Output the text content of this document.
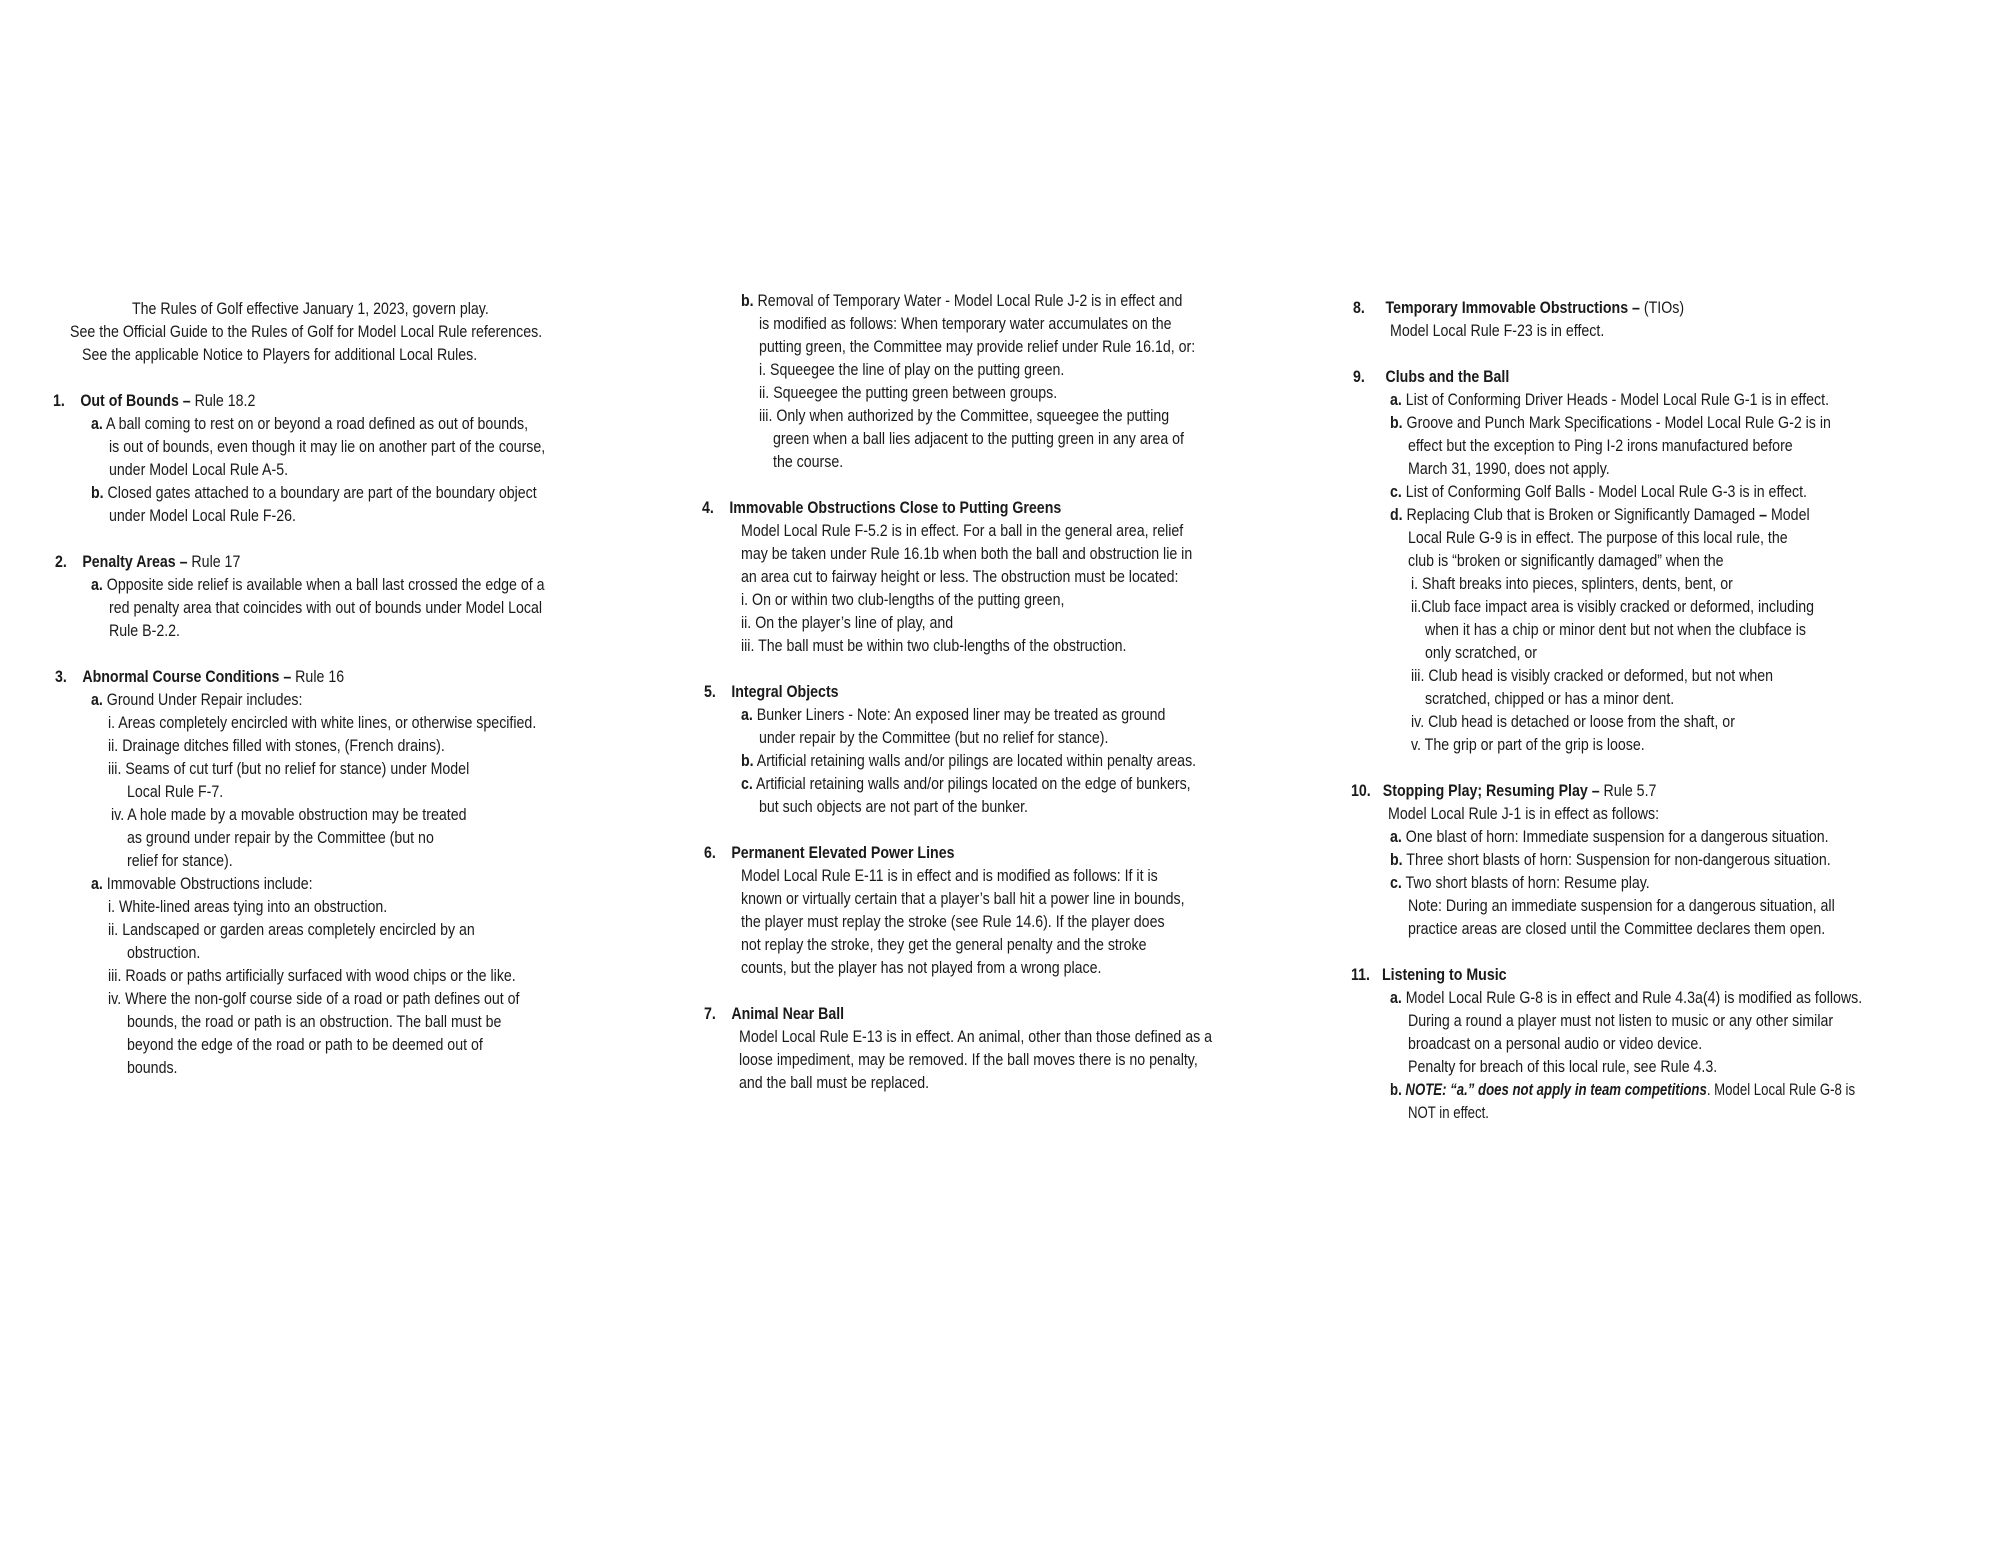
The Rules of Golf effective January 1, 2023, govern play.
See the Official Guide to the Rules of Golf for Model Local Rule references.
See the applicable Notice to Players for additional Local Rules.
1. Out of Bounds – Rule 18.2
a. A ball coming to rest on or beyond a road defined as out of bounds,
is out of bounds, even though it may lie on another part of the course,
under Model Local Rule A-5.
b. Closed gates attached to a boundary are part of the boundary object
under Model Local Rule F-26.
2. Penalty Areas – Rule 17
a. Opposite side relief is available when a ball last crossed the edge of a
red penalty area that coincides with out of bounds under Model Local
Rule B-2.2.
3. Abnormal Course Conditions – Rule 16
a. Ground Under Repair includes:
i. Areas completely encircled with white lines, or otherwise specified.
ii. Drainage ditches filled with stones, (French drains).
iii. Seams of cut turf (but no relief for stance) under Model
Local Rule F-7.
iv. A hole made by a movable obstruction may be treated
as ground under repair by the Committee (but no
relief for stance).
a. Immovable Obstructions include:
i. White-lined areas tying into an obstruction.
ii. Landscaped or garden areas completely encircled by an
obstruction.
iii. Roads or paths artificially surfaced with wood chips or the like.
iv. Where the non-golf course side of a road or path defines out of
bounds, the road or path is an obstruction. The ball must be
beyond the edge of the road or path to be deemed out of
bounds.
b. Removal of Temporary Water - Model Local Rule J-2 is in effect and
is modified as follows: When temporary water accumulates on the
putting green, the Committee may provide relief under Rule 16.1d, or:
i. Squeegee the line of play on the putting green.
ii. Squeegee the putting green between groups.
iii. Only when authorized by the Committee, squeegee the putting
green when a ball lies adjacent to the putting green in any area of
the course.
4. Immovable Obstructions Close to Putting Greens
Model Local Rule F-5.2 is in effect. For a ball in the general area, relief
may be taken under Rule 16.1b when both the ball and obstruction lie in
an area cut to fairway height or less. The obstruction must be located:
i. On or within two club-lengths of the putting green,
ii. On the player’s line of play, and
iii. The ball must be within two club-lengths of the obstruction.
5. Integral Objects
a. Bunker Liners - Note: An exposed liner may be treated as ground
under repair by the Committee (but no relief for stance).
b. Artificial retaining walls and/or pilings are located within penalty areas.
c. Artificial retaining walls and/or pilings located on the edge of bunkers,
but such objects are not part of the bunker.
6. Permanent Elevated Power Lines
Model Local Rule E-11 is in effect and is modified as follows: If it is
known or virtually certain that a player’s ball hit a power line in bounds,
the player must replay the stroke (see Rule 14.6). If the player does
not replay the stroke, they get the general penalty and the stroke
counts, but the player has not played from a wrong place.
7. Animal Near Ball
Model Local Rule E-13 is in effect. An animal, other than those defined as a
loose impediment, may be removed. If the ball moves there is no penalty,
and the ball must be replaced.
8. Temporary Immovable Obstructions – (TIOs)
Model Local Rule F-23 is in effect.
9. Clubs and the Ball
a. List of Conforming Driver Heads - Model Local Rule G-1 is in effect.
b. Groove and Punch Mark Specifications - Model Local Rule G-2 is in
effect but the exception to Ping I-2 irons manufactured before
March 31, 1990, does not apply.
c. List of Conforming Golf Balls - Model Local Rule G-3 is in effect.
d. Replacing Club that is Broken or Significantly Damaged – Model
Local Rule G-9 is in effect. The purpose of this local rule, the
club is “broken or significantly damaged” when the
i. Shaft breaks into pieces, splinters, dents, bent, or
ii.Club face impact area is visibly cracked or deformed, including
when it has a chip or minor dent but not when the clubface is
only scratched, or
iii. Club head is visibly cracked or deformed, but not when
scratched, chipped or has a minor dent.
iv. Club head is detached or loose from the shaft, or
v. The grip or part of the grip is loose.
10. Stopping Play; Resuming Play – Rule 5.7
Model Local Rule J-1 is in effect as follows:
a. One blast of horn: Immediate suspension for a dangerous situation.
b. Three short blasts of horn: Suspension for non-dangerous situation.
c. Two short blasts of horn: Resume play.
Note: During an immediate suspension for a dangerous situation, all
practice areas are closed until the Committee declares them open.
11. Listening to Music
a. Model Local Rule G-8 is in effect and Rule 4.3a(4) is modified as follows.
During a round a player must not listen to music or any other similar
broadcast on a personal audio or video device.
Penalty for breach of this local rule, see Rule 4.3.
b. NOTE: “a.” does not apply in team competitions. Model Local Rule G-8 is
NOT in effect.
